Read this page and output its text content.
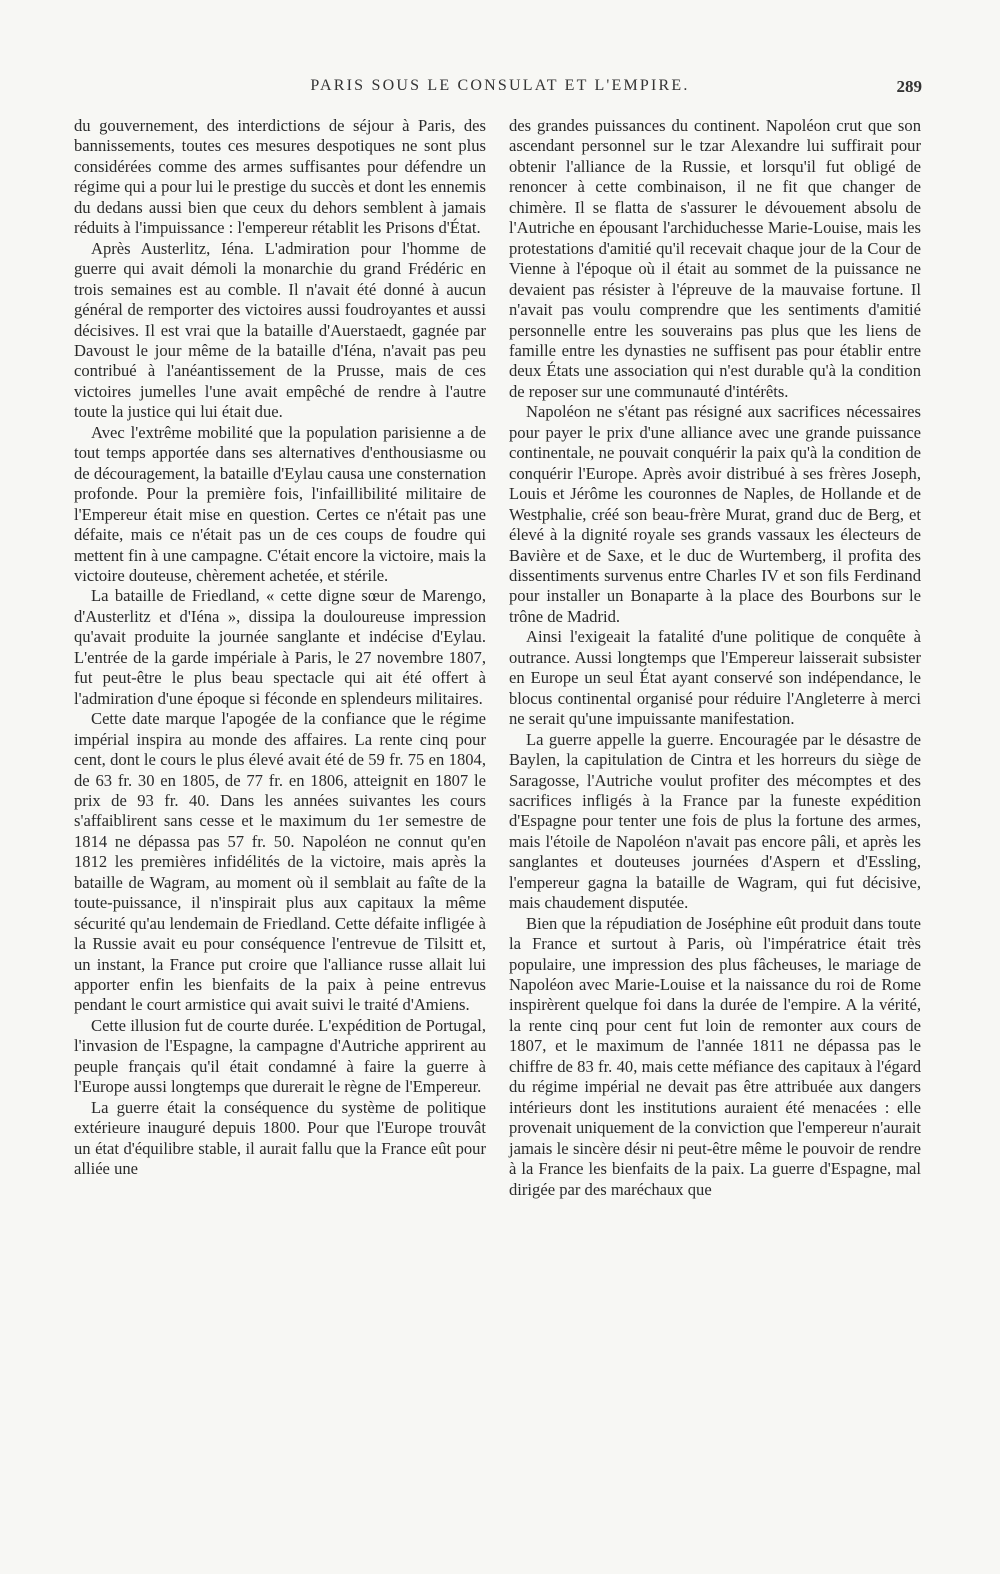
PARIS SOUS LE CONSULAT ET L'EMPIRE.	289

du gouvernement, des interdictions de séjour à Paris, des bannissements, toutes ces mesures despotiques ne sont plus considérées comme des armes suffisantes pour défendre un régime qui a pour lui le prestige du succès et dont les ennemis du dedans aussi bien que ceux du dehors semblent à jamais réduits à l'impuissance : l'empereur rétablit les Prisons d'État.

Après Austerlitz, Iéna. L'admiration pour l'homme de guerre qui avait démoli la monarchie du grand Frédéric en trois semaines est au comble. Il n'avait été donné à aucun général de remporter des victoires aussi foudroyantes et aussi décisives. Il est vrai que la bataille d'Auerstaedt, gagnée par Davoust le jour même de la bataille d'Iéna, n'avait pas peu contribué à l'anéantissement de la Prusse, mais de ces victoires jumelles l'une avait empêché de rendre à l'autre toute la justice qui lui était due.

Avec l'extrême mobilité que la population parisienne a de tout temps apportée dans ses alternatives d'enthousiasme ou de découragement, la bataille d'Eylau causa une consternation profonde. Pour la première fois, l'infaillibilité militaire de l'Empereur était mise en question. Certes ce n'était pas une défaite, mais ce n'était pas un de ces coups de foudre qui mettent fin à une campagne. C'était encore la victoire, mais la victoire douteuse, chèrement achetée, et stérile.

La bataille de Friedland, « cette digne sœur de Marengo, d'Austerlitz et d'Iéna », dissipa la douloureuse impression qu'avait produite la journée sanglante et indécise d'Eylau. L'entrée de la garde impériale à Paris, le 27 novembre 1807, fut peut-être le plus beau spectacle qui ait été offert à l'admiration d'une époque si féconde en splendeurs militaires.

Cette date marque l'apogée de la confiance que le régime impérial inspira au monde des affaires. La rente cinq pour cent, dont le cours le plus élevé avait été de 59 fr. 75 en 1804, de 63 fr. 30 en 1805, de 77 fr. en 1806, atteignit en 1807 le prix de 93 fr. 40. Dans les années suivantes les cours s'affaiblirent sans cesse et le maximum du 1er semestre de 1814 ne dépassa pas 57 fr. 50. Napoléon ne connut qu'en 1812 les premières infidélités de la victoire, mais après la bataille de Wagram, au moment où il semblait au faîte de la toute-puissance, il n'inspirait plus aux capitaux la même sécurité qu'au lendemain de Friedland. Cette défaite infligée à la Russie avait eu pour conséquence l'entrevue de Tilsitt et, un instant, la France put croire que l'alliance russe allait lui apporter enfin les bienfaits de la paix à peine entrevus pendant le court armistice qui avait suivi le traité d'Amiens.

Cette illusion fut de courte durée. L'expédition de Portugal, l'invasion de l'Espagne, la campagne d'Autriche apprirent au peuple français qu'il était condamné à faire la guerre à l'Europe aussi longtemps que durerait le règne de l'Empereur.

La guerre était la conséquence du système de politique extérieure inauguré depuis 1800. Pour que l'Europe trouvât un état d'équilibre stable, il aurait fallu que la France eût pour alliée une

des grandes puissances du continent. Napoléon crut que son ascendant personnel sur le tzar Alexandre lui suffirait pour obtenir l'alliance de la Russie, et lorsqu'il fut obligé de renoncer à cette combinaison, il ne fit que changer de chimère. Il se flatta de s'assurer le dévouement absolu de l'Autriche en épousant l'archiduchesse Marie-Louise, mais les protestations d'amitié qu'il recevait chaque jour de la Cour de Vienne à l'époque où il était au sommet de la puissance ne devaient pas résister à l'épreuve de la mauvaise fortune. Il n'avait pas voulu comprendre que les sentiments d'amitié personnelle entre les souverains pas plus que les liens de famille entre les dynasties ne suffisent pas pour établir entre deux États une association qui n'est durable qu'à la condition de reposer sur une communauté d'intérêts.

Napoléon ne s'étant pas résigné aux sacrifices nécessaires pour payer le prix d'une alliance avec une grande puissance continentale, ne pouvait conquérir la paix qu'à la condition de conquérir l'Europe. Après avoir distribué à ses frères Joseph, Louis et Jérôme les couronnes de Naples, de Hollande et de Westphalie, créé son beau-frère Murat, grand duc de Berg, et élevé à la dignité royale ses grands vassaux les électeurs de Bavière et de Saxe, et le duc de Wurtemberg, il profita des dissentiments survenus entre Charles IV et son fils Ferdinand pour installer un Bonaparte à la place des Bourbons sur le trône de Madrid.

Ainsi l'exigeait la fatalité d'une politique de conquête à outrance. Aussi longtemps que l'Empereur laisserait subsister en Europe un seul État ayant conservé son indépendance, le blocus continental organisé pour réduire l'Angleterre à merci ne serait qu'une impuissante manifestation.

La guerre appelle la guerre. Encouragée par le désastre de Baylen, la capitulation de Cintra et les horreurs du siège de Saragosse, l'Autriche voulut profiter des mécomptes et des sacrifices infligés à la France par la funeste expédition d'Espagne pour tenter une fois de plus la fortune des armes, mais l'étoile de Napoléon n'avait pas encore pâli, et après les sanglantes et douteuses journées d'Aspern et d'Essling, l'empereur gagna la bataille de Wagram, qui fut décisive, mais chaudement disputée.

Bien que la répudiation de Joséphine eût produit dans toute la France et surtout à Paris, où l'impératrice était très populaire, une impression des plus fâcheuses, le mariage de Napoléon avec Marie-Louise et la naissance du roi de Rome inspirèrent quelque foi dans la durée de l'empire. A la vérité, la rente cinq pour cent fut loin de remonter aux cours de 1807, et le maximum de l'année 1811 ne dépassa pas le chiffre de 83 fr. 40, mais cette méfiance des capitaux à l'égard du régime impérial ne devait pas être attribuée aux dangers intérieurs dont les institutions auraient été menacées : elle provenait uniquement de la conviction que l'empereur n'aurait jamais le sincère désir ni peut-être même le pouvoir de rendre à la France les bienfaits de la paix. La guerre d'Espagne, mal dirigée par des maréchaux que
